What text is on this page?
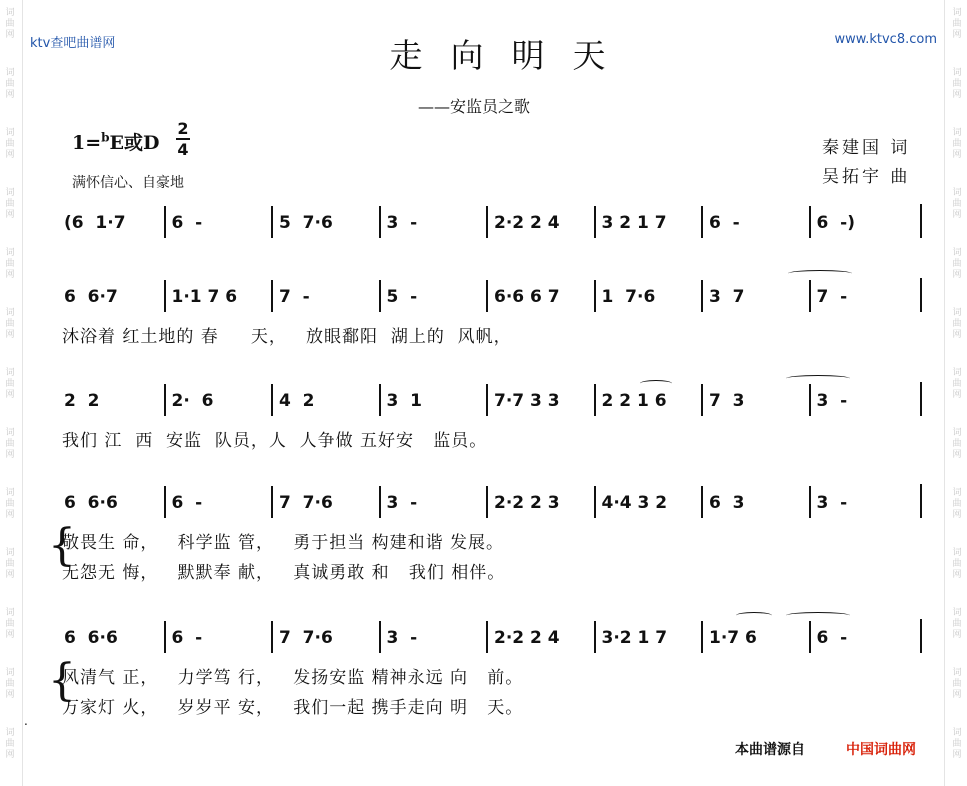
词
曲
网
词
曲
网
词
曲
网
词
曲
网
词
曲
网
词
曲
网
词
曲
网
词
曲
网
词
曲
网
词
曲
网
词
曲
网
词
曲
网
词
曲
网
词
曲
网
词
曲
网
词
曲
网
词
曲
网
词
曲
网
词
曲
网
词
曲
网
词
曲
网
词
曲
网
词
曲
网
词
曲
网
词
曲
网
词
曲
网
ktv查吧曲谱网	www.ktvc8.com
走向明天
——安监员之歌
1=$^b$E或D
2
4
满怀信心、自豪地
秦建国 词
吴拓宇 曲
(6  1·7	6  -	5  7·6	3  -	2·2 2 4	3 2 1 7	6  -	6  -)
6  6·7	1·1 7 6	7  -	5  -	6·6 6 7	1  7·6	3  7	7  -
沐浴着 红土地的 春     天，   放眼鄱阳  湖上的  风帆，
2  2	2·  6	4  2	3  1	7·7 3 3	2 2 1 6	7  3	3  -
我们 江  西  安监  队员，人  人争做 五好安   监员。
6  6·6	6  -	7  7·6	3  -	2·2 2 3	4·4 3 2	6  3	3  -
{
敬畏生 命，   科学监 管，   勇于担当 构建和谐 发展。
无怨无 悔，   默默奉 献，   真诚勇敢 和   我们 相伴。
6  6·6	6  -	7  7·6	3  -	2·2 2 4	3·2 1 7	1·7 6	6  -
{
风清气 正，   力学笃 行，   发扬安监 精神永远 向   前。
万家灯 火，   岁岁平 安，   我们一起 携手走向 明   天。
.
本曲谱源自	中国词曲网
